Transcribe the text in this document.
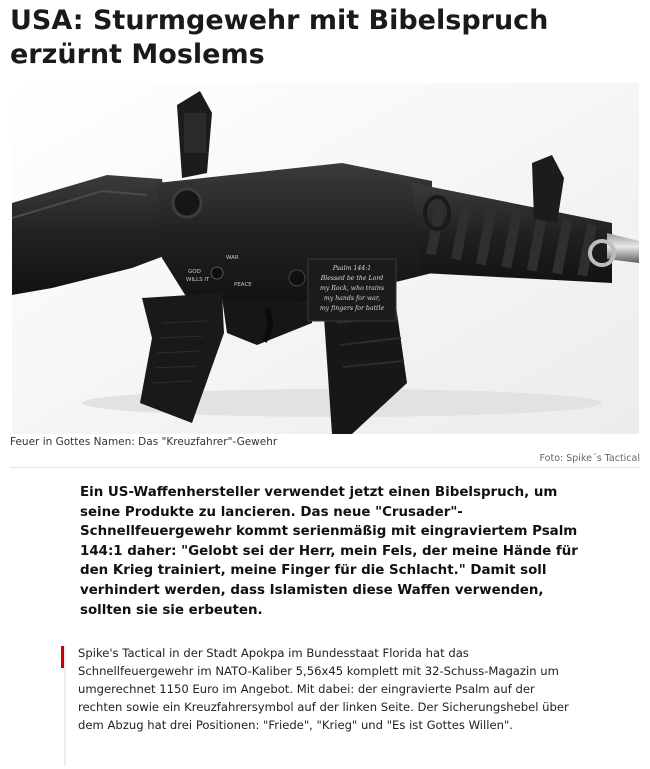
USA: Sturmgewehr mit Bibelspruch erzürnt Moslems
Psalm 144:1
Blessed be the Lord
my Rock, who trains
my hands for war,
my fingers for battle
GOD
WILLS IT
WAR
PEACE
Feuer in Gottes Namen: Das "Kreuzfahrer"-Gewehr
Foto: Spike´s Tactical

Ein US-Waffenhersteller verwendet jetzt einen Bibelspruch, um seine Produkte zu lancieren. Das neue "Crusader"-Schnellfeuergewehr kommt serienmäßig mit eingraviertem Psalm 144:1 daher: "Gelobt sei der Herr, mein Fels, der meine Hände für den Krieg trainiert, meine Finger für die Schlacht." Damit soll verhindert werden, dass Islamisten diese Waffen verwenden, sollten sie sie erbeuten.

Spike's Tactical in der Stadt Apokpa im Bundesstaat Florida hat das Schnellfeuergewehr im NATO-Kaliber 5,56x45 komplett mit 32-Schuss-Magazin um umgerechnet 1150 Euro im Angebot. Mit dabei: der eingravierte Psalm auf der rechten sowie ein Kreuzfahrersymbol auf der linken Seite. Der Sicherungshebel über dem Abzug hat drei Positionen: "Friede", "Krieg" und "Es ist Gottes Willen".
